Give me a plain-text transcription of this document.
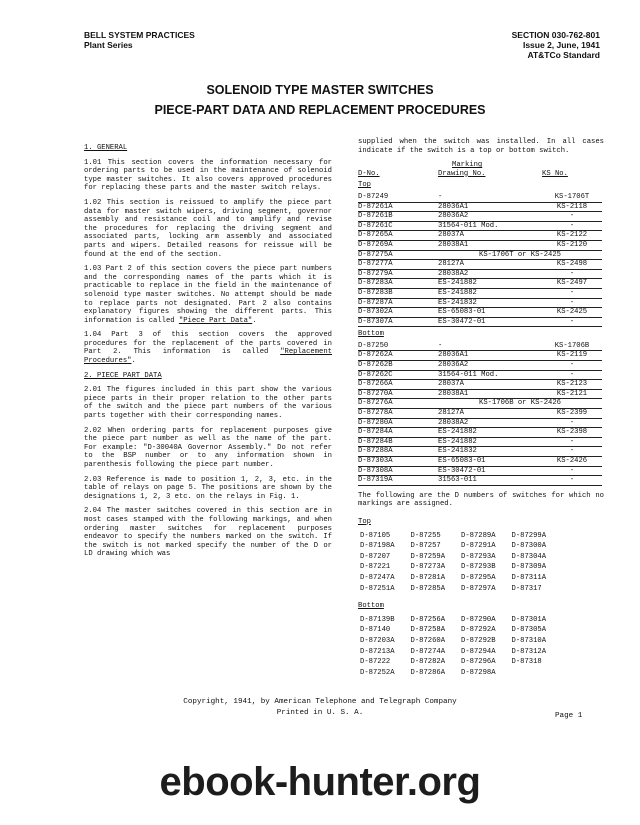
BELL SYSTEM PRACTICES
Plant Series
SECTION 030-762-801
Issue 2, June, 1941
AT&TCo Standard
SOLENOID TYPE MASTER SWITCHES
PIECE-PART DATA AND REPLACEMENT PROCEDURES
1. GENERAL

1.01 This section covers the information necessary for ordering parts to be used in the maintenance of solenoid type master switches. It also covers approved procedures for replacing these parts and the master switch relays.

1.02 This section is reissued to amplify the piece part data for master switch wipers, driving segment, governor assembly and resistance coil and to amplify and revise the procedures for replacing the driving segment and associated parts, locking arm assembly and associated parts and wipers. Detailed reasons for reissue will be found at the end of the section.

1.03 Part 2 of this section covers the piece part numbers and the corresponding names of the parts which it is practicable to replace in the field in the maintenance of solenoid type master switches. No attempt should be made to replace parts not designated. Part 2 also contains explanatory figures showing the different parts. This information is called "Piece Part Data".

1.04 Part 3 of this section covers the approved procedures for the replacement of the parts covered in Part 2. This information is called "Replacement Procedures".

2. PIECE PART DATA

2.01 The figures included in this part show the various piece parts in their proper relation to the other parts of the switch and the piece part numbers of the various parts together with their corresponding names.

2.02 When ordering parts for replacement purposes give the piece part number as well as the name of the part. For example: "D-30040A Governor Assembly." Do not refer to the BSP number or to any information shown in parenthesis following the piece part number.

2.03 Reference is made to position 1, 2, 3, etc. in the table of relays on page 5. The positions are shown by the designations 1, 2, 3 etc. on the relays in Fig. 1.

2.04 The master switches covered in this section are in most cases stamped with the following markings, and when ordering master switches for replacement purposes endeavor to specify the numbers marked on the switch. If the switch is not marked specify the number of the D or LD drawing which was

supplied when the switch was installed. In all cases indicate if the switch is a top or bottom switch.

	Marking	
D-No.	Drawing No.	KS No.
Top		
D-87249	-	KS-1706T
D-87261A	28036A1	KS-2118
D-87261B	28036A2	-
D-87261C	31564-011 Mod.	-
D-87265A	28037A	KS-2122
D-87269A	28038A1	KS-2120
D-87275A	KS-1706T or KS-2425	
D-87277A	28127A	KS-2498
D-87279A	28038A2	-
D-87283A	ES-241882	KS-2497
D-87283B	ES-241882	-
D-87287A	ES-241832	-
D-87302A	ES-65083-01	KS-2425
D-87307A	ES-30472-01	-
Bottom		
D-87250	-	KS-1706B
D-87262A	28036A1	KS-2119
D-87262B	28036A2	-
D-87262C	31564-011 Mod.	-
D-87266A	28037A	KS-2123
D-87270A	28038A1	KS-2121
D-87276A	KS-1706B or KS-2426	
D-87278A	28127A	KS-2399
D-87280A	28038A2	-
D-87284A	ES-241882	KS-2398
D-87284B	ES-241882	-
D-87288A	ES-241832	-
D-87303A	ES-65083-01	KS-2426
D-87308A	ES-30472-01	-
D-87319A	31563-011	-

The following are the D numbers of switches for which no markings are assigned.

Top
D-87105	D-87255	D-87289A	D-87299A
D-87198A	D-87257	D-87291A	D-87300A
D-87207	D-87259A	D-87293A	D-87304A
D-87221	D-87273A	D-87293B	D-87309A
D-87247A	D-87281A	D-87295A	D-87311A
D-87251A	D-87285A	D-87297A	D-87317
Bottom
D-87139B	D-87256A	D-87290A	D-87301A
D-87140	D-87258A	D-87292A	D-87305A
D-87203A	D-87260A	D-87292B	D-87310A
D-87213A	D-87274A	D-87294A	D-87312A
D-87222	D-87282A	D-87296A	D-87318
D-87252A	D-87286A	D-87298A	
Copyright, 1941, by American Telephone and Telegraph Company
Printed in U. S. A.	Page 1
ebook-hunter.org
